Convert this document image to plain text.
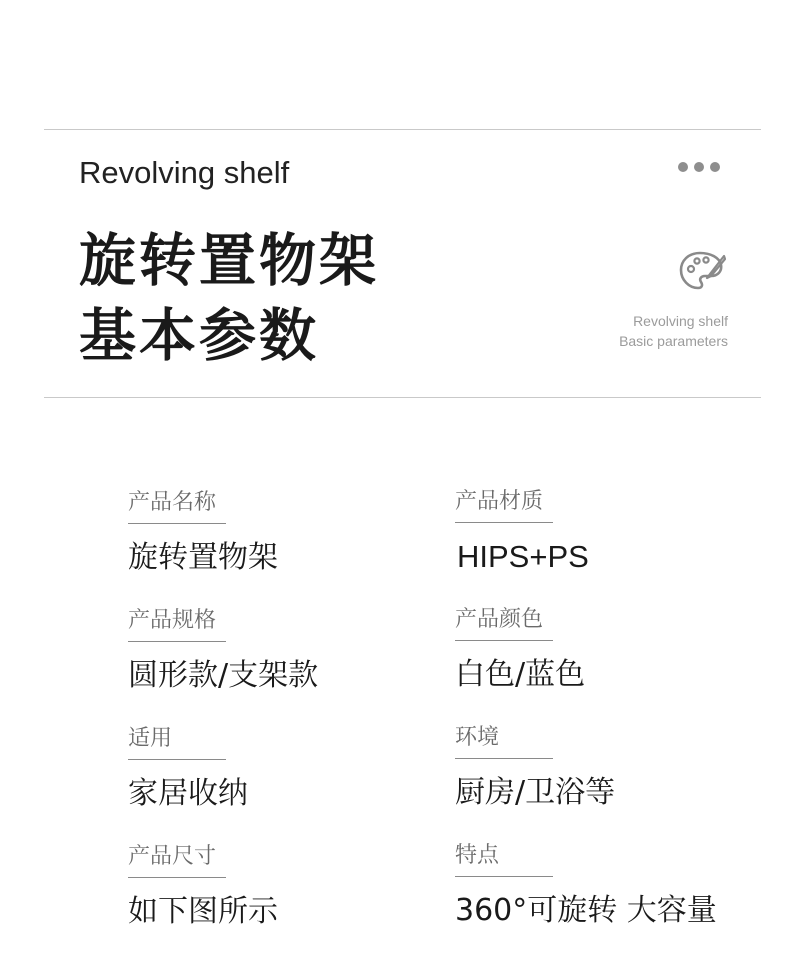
Revolving shelf
旋转置物架
基本参数	Revolving shelf
Basic parameters
产品名称
旋转置物架
产品材质
HIPS+PS
产品规格
圆形款/支架款
产品颜色
白色/蓝色
适用
家居收纳
环境
厨房/卫浴等
产品尺寸
如下图所示
特点
360°可旋转 大容量
